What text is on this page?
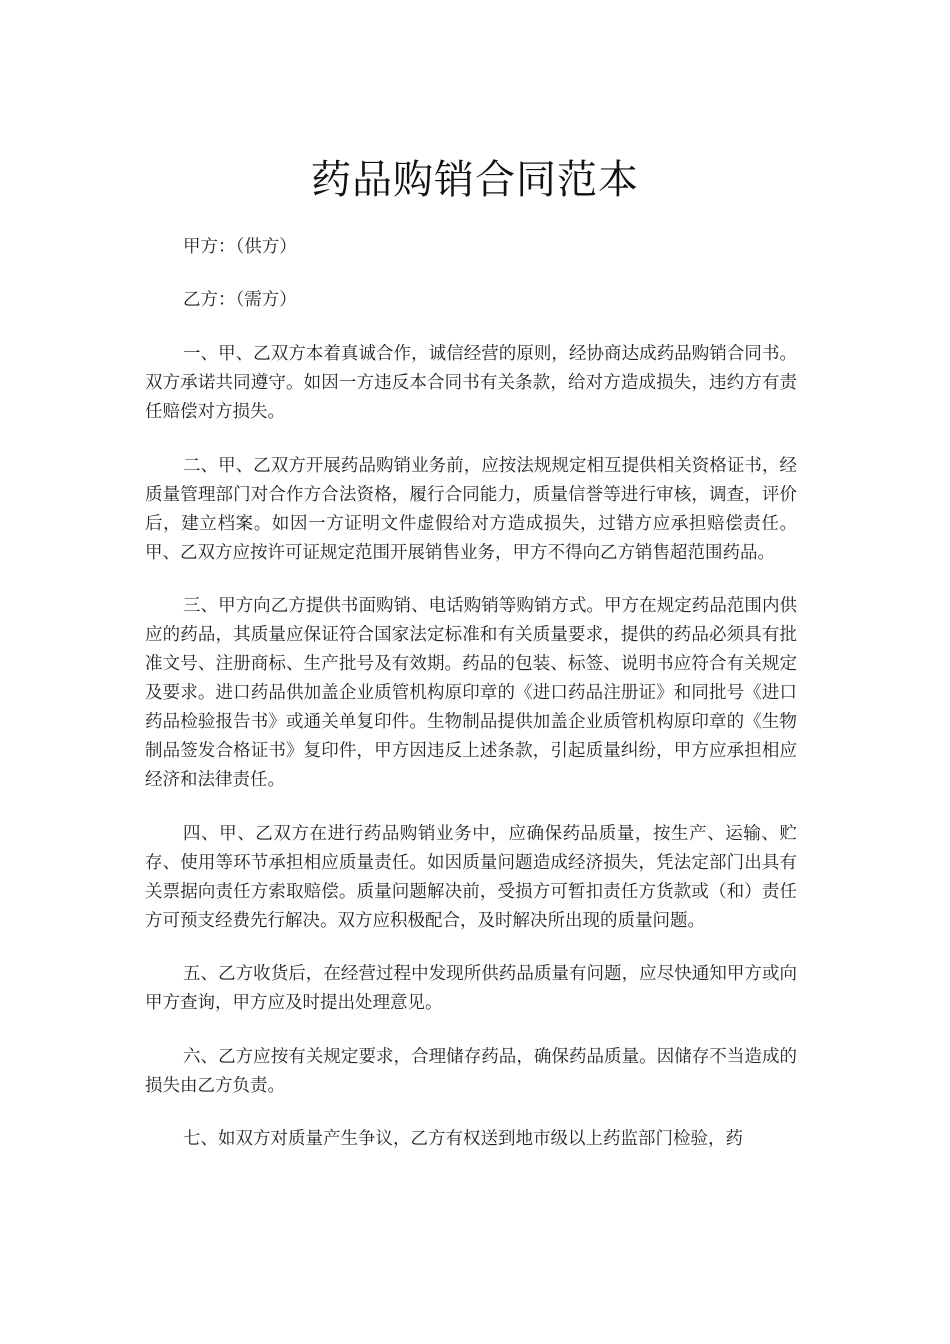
药品购销合同范本
甲方：（供方）
乙方：（需方）

一、甲、乙双方本着真诚合作，诚信经营的原则，经协商达成药品购销合同书。双方承诺共同遵守。如因一方违反本合同书有关条款，给对方造成损失，违约方有责任赔偿对方损失。

二、甲、乙双方开展药品购销业务前，应按法规规定相互提供相关资格证书，经质量管理部门对合作方合法资格，履行合同能力，质量信誉等进行审核，调查，评价后，建立档案。如因一方证明文件虚假给对方造成损失，过错方应承担赔偿责任。甲、乙双方应按许可证规定范围开展销售业务，甲方不得向乙方销售超范围药品。

三、甲方向乙方提供书面购销、电话购销等购销方式。甲方在规定药品范围内供应的药品，其质量应保证符合国家法定标准和有关质量要求，提供的药品必须具有批准文号、注册商标、生产批号及有效期。药品的包装、标签、说明书应符合有关规定及要求。进口药品供加盖企业质管机构原印章的《进口药品注册证》和同批号《进口药品检验报告书》或通关单复印件。生物制品提供加盖企业质管机构原印章的《生物制品签发合格证书》复印件，甲方因违反上述条款，引起质量纠纷，甲方应承担相应经济和法律责任。

四、甲、乙双方在进行药品购销业务中，应确保药品质量，按生产、运输、贮存、使用等环节承担相应质量责任。如因质量问题造成经济损失，凭法定部门出具有关票据向责任方索取赔偿。质量问题解决前，受损方可暂扣责任方货款或（和）责任方可预支经费先行解决。双方应积极配合，及时解决所出现的质量问题。

五、乙方收货后，在经营过程中发现所供药品质量有问题，应尽快通知甲方或向甲方查询，甲方应及时提出处理意见。

六、乙方应按有关规定要求，合理储存药品，确保药品质量。因储存不当造成的损失由乙方负责。

七、如双方对质量产生争议，乙方有权送到地市级以上药监部门检验，药
